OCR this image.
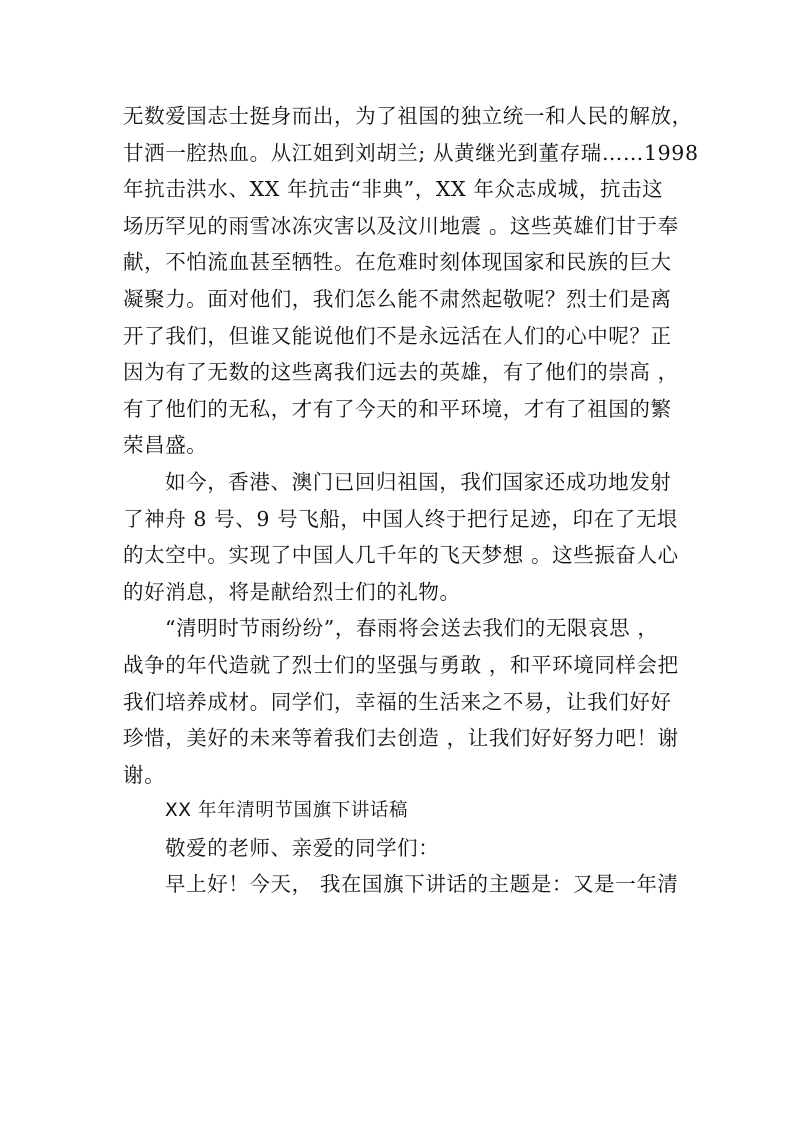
无数爱国志士挺身而出，为了祖国的独立统一和人民的解放，
甘洒一腔热血。从江姐到刘胡兰; 从黄继光到董存瑞……1998
年抗击洪水、XX 年抗击“非典”，XX 年众志成城，抗击这
场历罕见的雨雪冰冻灾害以及汶川地震 。这些英雄们甘于奉
献，不怕流血甚至牺牲。在危难时刻体现国家和民族的巨大
凝聚力。面对他们，我们怎么能不肃然起敬呢？烈士们是离
开了我们，但谁又能说他们不是永远活在人们的心中呢？正
因为有了无数的这些离我们远去的英雄，有了他们的崇高 ，
有了他们的无私，才有了今天的和平环境，才有了祖国的繁
荣昌盛。
如今，香港、澳门已回归祖国，我们国家还成功地发射
了神舟 8 号、9 号飞船，中国人终于把行足迹，印在了无垠
的太空中。实现了中国人几千年的飞天梦想 。这些振奋人心
的好消息，将是献给烈士们的礼物。
“清明时节雨纷纷”，春雨将会送去我们的无限哀思 ，
战争的年代造就了烈士们的坚强与勇敢 ，和平环境同样会把
我们培养成材。同学们，幸福的生活来之不易，让我们好好
珍惜，美好的未来等着我们去创造 ，让我们好好努力吧！谢
谢。
XX 年年清明节国旗下讲话稿
敬爱的老师、亲爱的同学们：
早上好！今天， 我在国旗下讲话的主题是：又是一年清
